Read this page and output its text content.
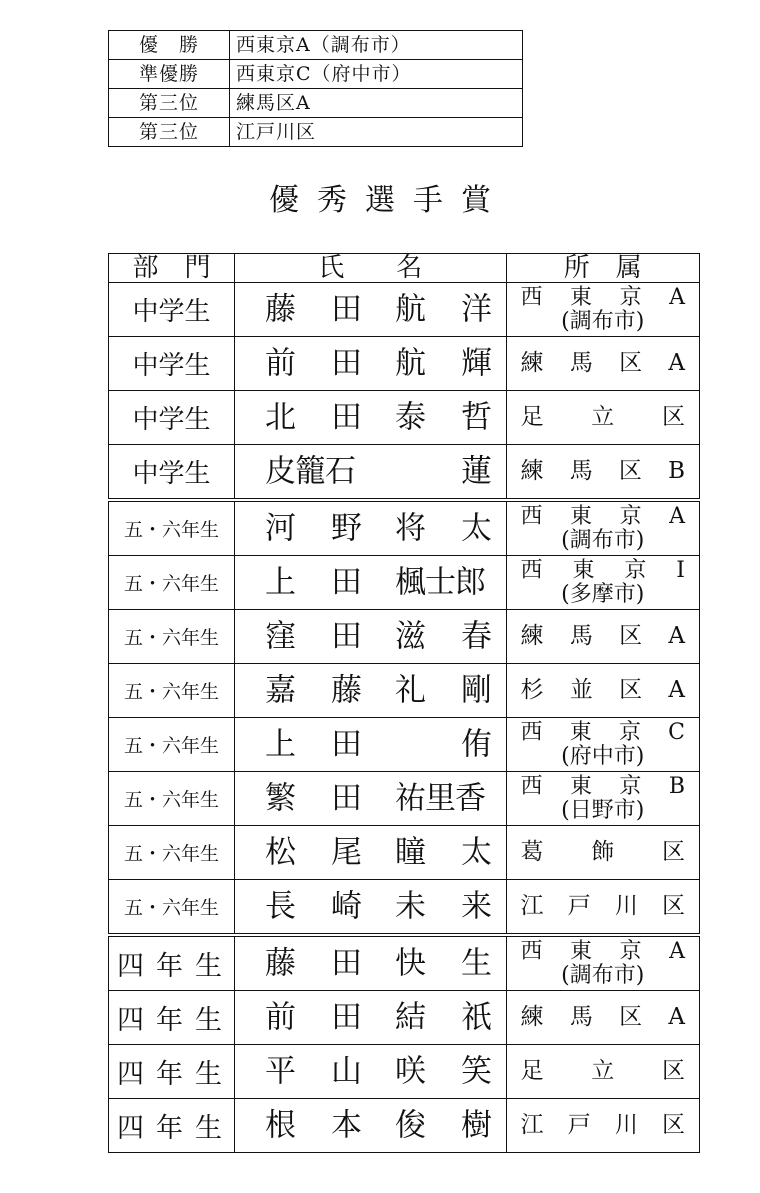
優　勝	西東京A（調布市）
準優勝	西東京C（府中市）
第三位	練馬区A
第三位	江戸川区
優秀選手賞
部　門	氏　　名	所　属
中学生	藤 田 航 洋	西東京A
(調布市)

中学生	前 田 航 輝	練馬区A
中学生	北 田 泰 哲	足立区
中学生	皮籠石 蓮	練馬区B
五・六年生	河 野 将 太	西東京A
(調布市)

五・六年生	上 田 楓士郎	西東京I
(多摩市)

五・六年生	窪 田 滋 春	練馬区A
五・六年生	嘉 藤 礼 剛	杉並区A
五・六年生	上 田 侑	西東京C
(府中市)

五・六年生	繁 田 祐里香	西東京B
(日野市)

五・六年生	松 尾 瞳 太	葛飾区
五・六年生	長 崎 未 来	江戸川区
四年生	藤 田 快 生	西東京A
(調布市)

四年生	前 田 結 祇	練馬区A
四年生	平 山 咲 笑	足立区
四年生	根 本 俊 樹	江戸川区
